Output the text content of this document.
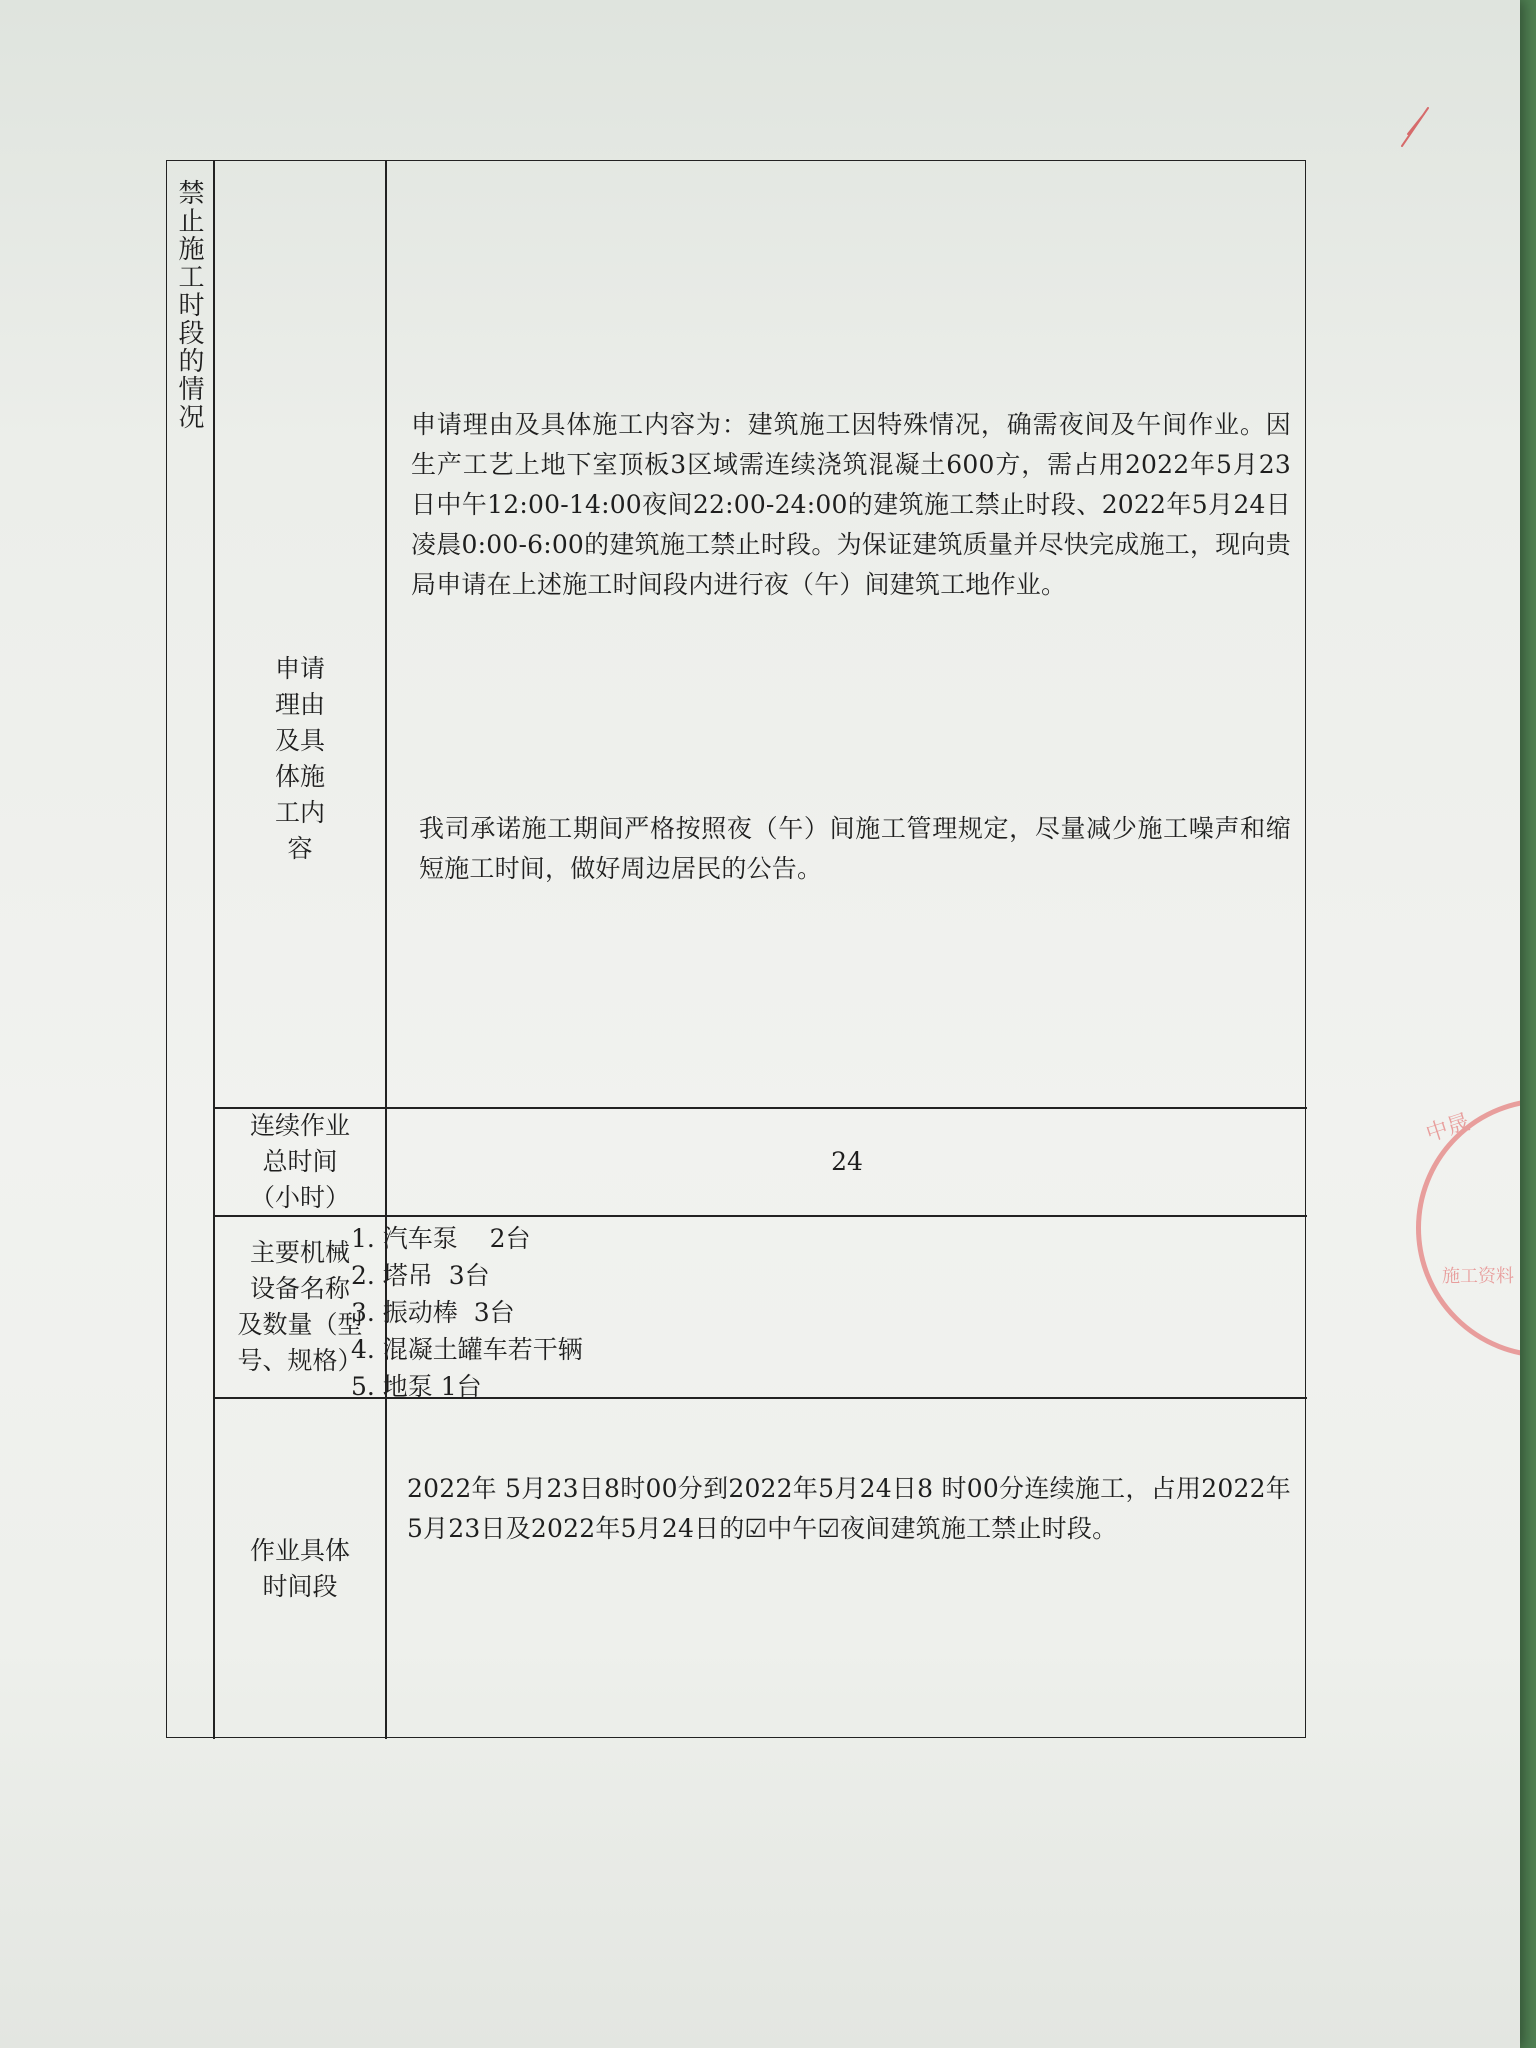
禁止施工时段的情况
申请
理由
及具
体施
工内
容
申请理由及具体施工内容为：建筑施工因特殊情况，确需夜间及午间作业。因生产工艺上地下室顶板3区域需连续浇筑混凝土600方，需占用2022年5月23日中午12:00-14:00夜间22:00-24:00的建筑施工禁止时段、2022年5月24日凌晨0:00-6:00的建筑施工禁止时段。为保证建筑质量并尽快完成施工，现向贵局申请在上述施工时间段内进行夜（午）间建筑工地作业。
我司承诺施工期间严格按照夜（午）间施工管理规定，尽量减少施工噪声和缩短施工时间，做好周边居民的公告。
连续作业
总时间
（小时）
24
主要机械
设备名称
及数量（型
号、规格）
1. 汽车泵    2台
2. 塔吊  3台
3. 振动棒  3台
4. 混凝土罐车若干辆
5. 地泵 1台
作业具体
时间段
2022年 5月23日8时00分到2022年5月24日8 时00分连续施工，占用2022年5月23日及2022年5月24日的☑中午☑夜间建筑施工禁止时段。
中晟
施工资料
